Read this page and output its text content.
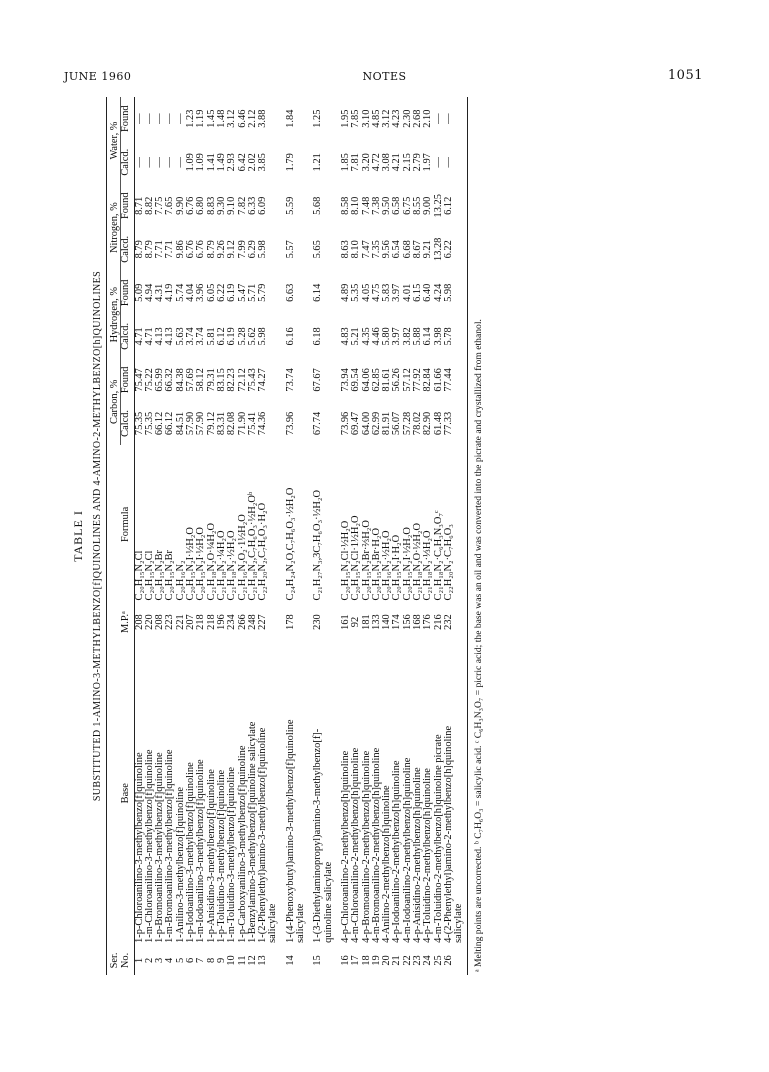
JUNE 1960	NOTES	1051
TABLE I SUBSTITUTED 1-AMINO-3-METHYLBENZO[f]QUINOLINES AND 4-AMINO-2-METHYLBENZO[h]QUINOLINES
Ser.				Carbon, %		Hydrogen, %		Nitrogen, %		Water, %	
No.	Base	M.P.ᵃ	Formula	Calcd.	Found	Calcd.	Found	Calcd.	Found	Calcd.	Found
1	1-p-Chloroanilino-3-methylbenzo[f]quinoline	208	C₂₀H₁₅N₂Cl	75.35	75.47	4.71	5.09	8.79	8.71	—	—
2	1-m-Chloroanilino-3-methylbenzo[f]quinoline	220	C₂₀H₁₅N₂Cl	75.35	75.22	4.71	4.94	8.79	8.82	—	—
3	1-p-Bromoanilino-3-methylbenzo[f]quinoline	208	C₂₀H₁₅N₂Br	66.12	65.99	4.13	4.31	7.71	7.75	—	—
4	1-m-Bromoanilino-3-methylbenzo[f]quinoline	223	C₂₀H₁₅N₂Br	66.12	66.32	4.13	4.19	7.71	7.65	—	—
5	1-Anilino-3-methylbenzo[f]quinoline	221	C₂₀H₁₆N₂	84.51	84.38	5.63	5.74	9.86	9.90	—	—
6	1-p-Iodoanilino-3-methylbenzo[f]quinoline	207	C₂₀H₁₅N₂I·½H₂O	57.90	57.69	3.74	4.04	6.76	6.76	1.09	1.23
7	1-m-Iodoanilino-3-methylbenzo[f]quinoline	218	C₂₀H₁₅N₂I·½H₂O	57.90	58.12	3.74	3.96	6.76	6.80	1.09	1.19
8	1-p-Anisidino-3-methylbenzo[f]quinoline	218	C₂₁H₁₈N₂O·¼H₂O	79.12	79.31	5.81	6.05	8.79	8.83	1.41	1.45
9	1-p-Toluidino-3-methylbenzo[f]quinoline	196	C₂₁H₁₈N₂·¼H₂O	83.31	83.15	6.12	6.22	9.26	9.30	1.49	1.48
10	1-m-Toluidino-3-methylbenzo[f]quinoline	234	C₂₁H₁₈N₂·½H₂O	82.08	82.23	6.19	6.19	9.12	9.10	2.93	3.12
11	1-p-Carboxyanilino-3-methylbenzo[f]quinoline	266	C₂₁H₁₆N₂O₂·1½H₂O	71.90	72.12	5.28	5.47	7.99	7.82	6.42	6.46
12	1-Benzylamino-3-methylbenzo[f]quinoline salicylate	248	C₂₁H₁₈N₂,C₇H₆O₃·½H₂Oᵇ	75.41	75.43	5.62	5.71	6.29	6.33	2.02	2.12
13	1-(2-Phenylethyl)amino-3-methylbenzo[f]quinoline	227	C₂₂H₂₀N₂,C₇H₆O₃·H₂O	74.36	74.27	5.98	5.79	5.98	6.09	3.85	3.88
	salicylate										

14	1-(4-Phenoxybutyl)amino-3-methylbenzo[f]quinoline	178	C₂₄H₂₄N₂O,C₇H₆O₃·½H₂O	73.96	73.74	6.16	6.63	5.57	5.59	1.79	1.84
	salicylate										

15	1-(3-Diethylaminopropyl)amino-3-methylbenzo[f]-	230	C₂₁H₂₇N₃,3C₇H₆O₃·½H₂O	67.74	67.67	6.18	6.14	5.65	5.68	1.21	1.25
	quinoline salicylate										

16	4-p-Chloroanilino-2-methylbenzo[h]quinoline	161	C₂₀H₁₅N₂Cl·½H₂O	73.96	73.94	4.83	4.89	8.63	8.58	1.85	1.95
17	4-m-Chloroanilino-2-methylbenzo[h]quinoline	92	C₂₀H₁₅N₂Cl·1½H₂O	69.47	69.54	5.21	5.35	8.10	8.10	7.81	7.85
18	4-p-Bromoanilino-2-methylbenzo[h]quinoline	181	C₂₀H₁₅N₂Br·⅔H₂O	64.00	64.06	4.35	4.05	7.47	7.48	3.20	3.10
19	4-m-Bromoanilino-2-methylbenzo[h]quinoline	133	C₂₀H₁₅N₂Br·H₂O	62.99	62.85	4.46	4.75	7.35	7.38	4.72	4.85
20	4-Anilino-2-methylbenzo[h]quinoline	140	C₂₀H₁₆N₂·½H₂O	81.91	81.61	5.80	5.83	9.56	9.50	3.08	3.12
21	4-p-Iodoanilino-2-methylbenzo[h]quinoline	174	C₂₀H₁₅N₂I·H₂O	56.07	56.26	3.97	3.97	6.54	6.58	4.21	4.23
22	4-m-Iodoanilino-2-methylbenzo[h]quinoline	156	C₂₀H₁₅N₂I·½H₂O	57.28	57.12	3.82	4.01	6.68	6.75	2.15	2.30
23	4-p-Anisidino-2-methylbenzo[h]quinoline	168	C₂₁H₁₈N₂O·½H₂O	78.02	77.92	5.88	6.15	8.67	8.55	2.79	2.68
24	4-p-Toluidino-2-methylbenzo[h]quinoline	176	C₂₁H₁₈N₂·⅓H₂O	82.90	82.84	6.14	6.40	9.21	9.00	1.97	2.10
25	4-m-Toluidino-2-methylbenzo[h]quinoline picrate	216	C₂₁H₁₈N₂·C₆H₃N₃O₇ᶜ	61.48	61.66	3.98	4.24	13.28	13.25	—	—
26	4-(2-Phenylethyl)amino-2-methylbenzo[h]quinoline	232	C₂₂H₂₀N₂·C₇H₆O₃	77.33	77.44	5.78	5.98	6.22	6.12	—	—
	salicylate										ᵃ Melting points are uncorrected. ᵇ C₇H₆O₃ = salicylic acid. ᶜ C₆H₃N₃O₇ = picric acid; the base was an oil and was converted into the picrate and crystallized from ethanol.
